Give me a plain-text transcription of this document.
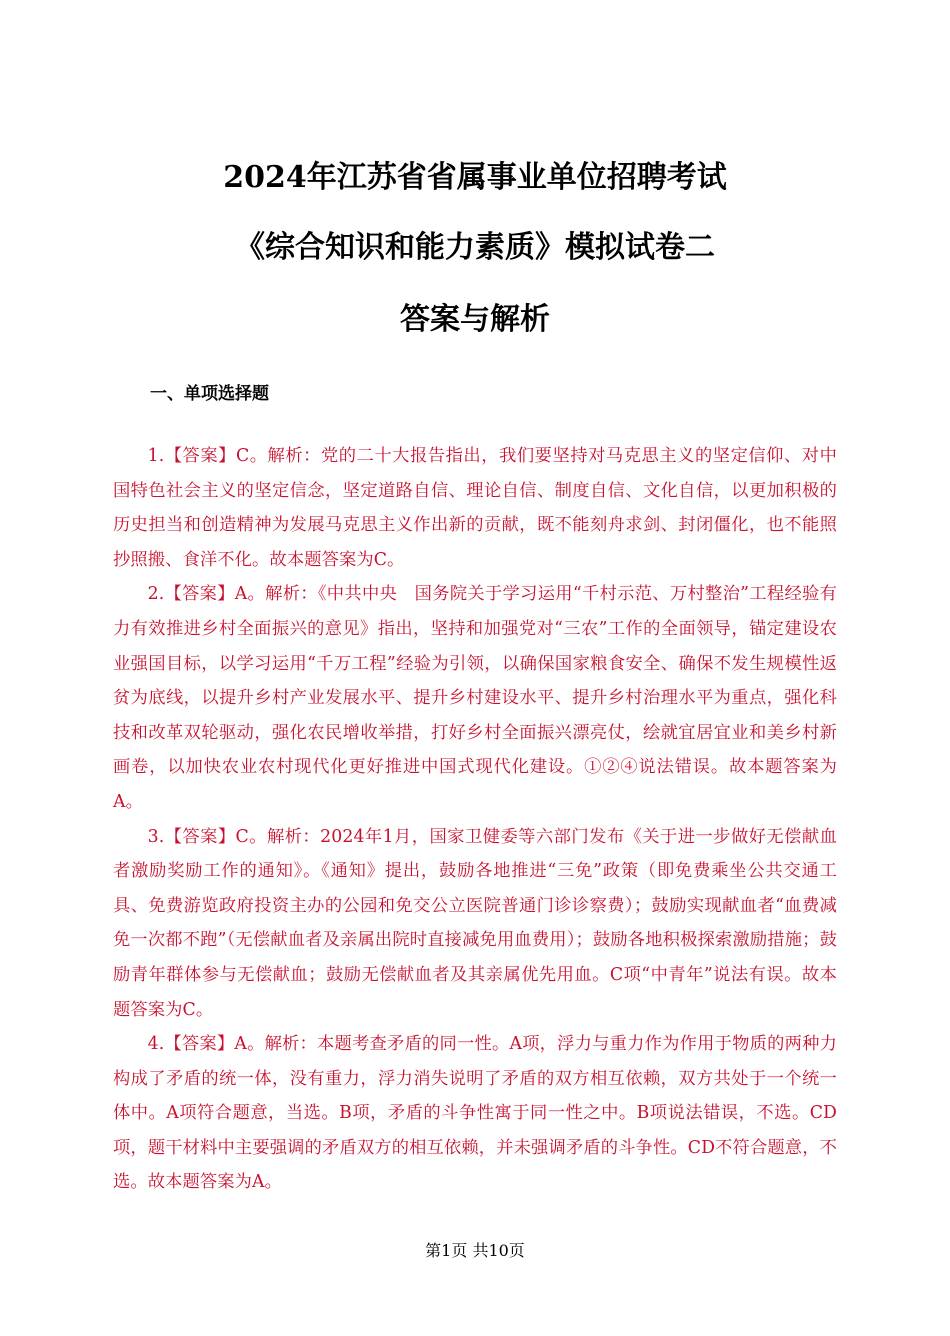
2024年江苏省省属事业单位招聘考试
《综合知识和能力素质》模拟试卷二
答案与解析
一、单项选择题

1.【答案】C。解析：党的二十大报告指出，我们要坚持对马克思主义的坚定信仰、对中国特色社会主义的坚定信念，坚定道路自信、理论自信、制度自信、文化自信，以更加积极的历史担当和创造精神为发展马克思主义作出新的贡献，既不能刻舟求剑、封闭僵化，也不能照抄照搬、食洋不化。故本题答案为C。

2.【答案】A。解析：《中共中央　国务院关于学习运用“千村示范、万村整治”工程经验有力有效推进乡村全面振兴的意见》指出，坚持和加强党对“三农”工作的全面领导，锚定建设农业强国目标，以学习运用“千万工程”经验为引领，以确保国家粮食安全、确保不发生规模性返贫为底线，以提升乡村产业发展水平、提升乡村建设水平、提升乡村治理水平为重点，强化科技和改革双轮驱动，强化农民增收举措，打好乡村全面振兴漂亮仗，绘就宜居宜业和美乡村新画卷，以加快农业农村现代化更好推进中国式现代化建设。①②④说法错误。故本题答案为A。

3.【答案】C。解析：2024年1月，国家卫健委等六部门发布《关于进一步做好无偿献血者激励奖励工作的通知》。《通知》提出，鼓励各地推进“三免”政策（即免费乘坐公共交通工具、免费游览政府投资主办的公园和免交公立医院普通门诊诊察费）；鼓励实现献血者“血费减免一次都不跑”（无偿献血者及亲属出院时直接减免用血费用）；鼓励各地积极探索激励措施；鼓励青年群体参与无偿献血；鼓励无偿献血者及其亲属优先用血。C项“中青年”说法有误。故本题答案为C。

4.【答案】A。解析：本题考查矛盾的同一性。A项，浮力与重力作为作用于物质的两种力构成了矛盾的统一体，没有重力，浮力消失说明了矛盾的双方相互依赖，双方共处于一个统一体中。A项符合题意，当选。B项，矛盾的斗争性寓于同一性之中。B项说法错误，不选。CD项，题干材料中主要强调的矛盾双方的相互依赖，并未强调矛盾的斗争性。CD不符合题意，不选。故本题答案为A。

第1页 共10页
